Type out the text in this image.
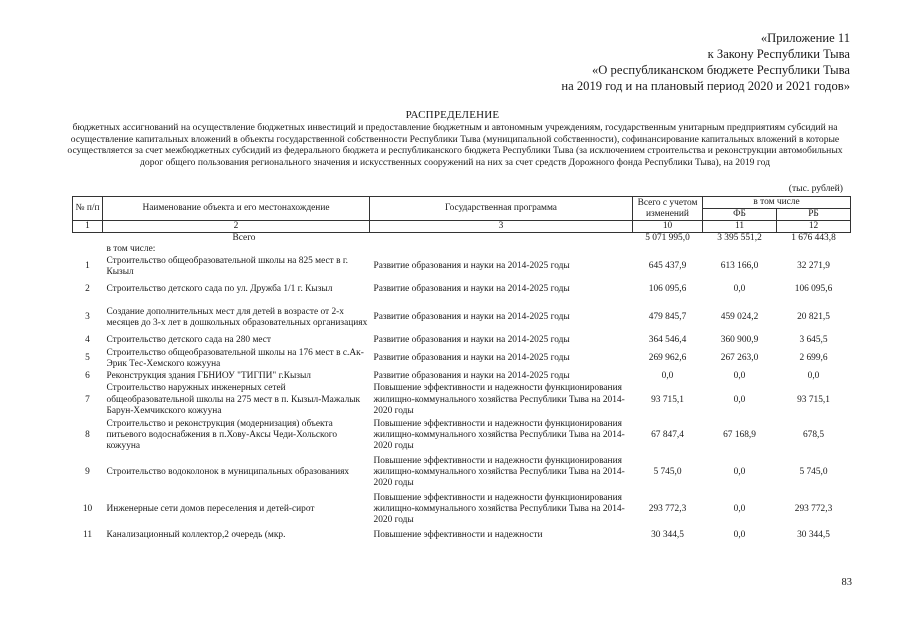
«Приложение 11
к Закону Республики Тыва
«О республиканском бюджете Республики Тыва
на 2019 год и на плановый период 2020 и 2021 годов»
РАСПРЕДЕЛЕНИЕ
бюджетных ассигнований на осуществление бюджетных инвестиций и предоставление бюджетным и автономным учреждениям, государственным унитарным предприятиям субсидий на осуществление капитальных вложений в объекты государственной собственности Республики Тыва (муниципальной собственности), софинансирование капитальных вложений в которые осуществляется за счет межбюджетных субсидий из федерального бюджета и республиканского бюджета Республики Тыва (за исключением строительства и реконструкции автомобильных дорог общего пользования регионального значения и искусственных сооружений на них за счет средств Дорожного фонда Республики Тыва), на 2019 год
(тыс. рублей)
№ п/п	Наименование объекта и его местонахождение	Государственная программа	Всего с учетом изменений	в том числе	
				ФБ	РБ
1	2	3	10	11	12
	Всего		5 071 995,0	3 395 551,2	1 676 443,8
	в том числе:				
1	Строительство общеобразовательной школы на 825 мест в г. Кызыл	Развитие образования и науки на 2014-2025 годы	645 437,9	613 166,0	32 271,9
2	Строительство детского сада по ул. Дружба 1/1 г. Кызыл	Развитие образования и науки на 2014-2025 годы	106 095,6	0,0	106 095,6
3	Создание дополнительных мест для детей в возрасте от 2-х месяцев до 3-х лет в дошкольных образовательных организациях	Развитие образования и науки на 2014-2025 годы	479 845,7	459 024,2	20 821,5
4	Строительство детского сада на 280 мест	Развитие образования и науки на 2014-2025 годы	364 546,4	360 900,9	3 645,5
5	Строительство общеобразовательной школы на 176 мест в с.Ак-Эрик Тес-Хемского кожууна	Развитие образования и науки на 2014-2025 годы	269 962,6	267 263,0	2 699,6
6	Реконструкция здания ГБНИОУ "ТИГПИ" г.Кызыл	Развитие образования и науки на 2014-2025 годы	0,0	0,0	0,0
7	Строительство наружных инженерных сетей общеобразовательной школы на 275 мест в п. Кызыл-Мажалык Барун-Хемчикского кожууна	Повышение эффективности и надежности функционирования жилищно-коммунального хозяйства Республики Тыва на 2014-2020 годы	93 715,1	0,0	93 715,1
8	Строительство и реконструкция (модернизация) объекта питьевого водоснабжения в п.Хову-Аксы Чеди-Хольского кожууна	Повышение эффективности и надежности функционирования жилищно-коммунального хозяйства Республики Тыва на 2014-2020 годы	67 847,4	67 168,9	678,5
9	Строительство водоколонок в муниципальных образованиях	Повышение эффективности и надежности функционирования жилищно-коммунального хозяйства Республики Тыва на 2014-2020 годы	5 745,0	0,0	5 745,0
10	Инженерные сети домов переселения и детей-сирот	Повышение эффективности и надежности функционирования жилищно-коммунального хозяйства Республики Тыва на 2014-2020 годы	293 772,3	0,0	293 772,3
11	Канализационный коллектор,2 очередь (мкр.	Повышение эффективности и надежности	30 344,5	0,0	30 344,5
83
